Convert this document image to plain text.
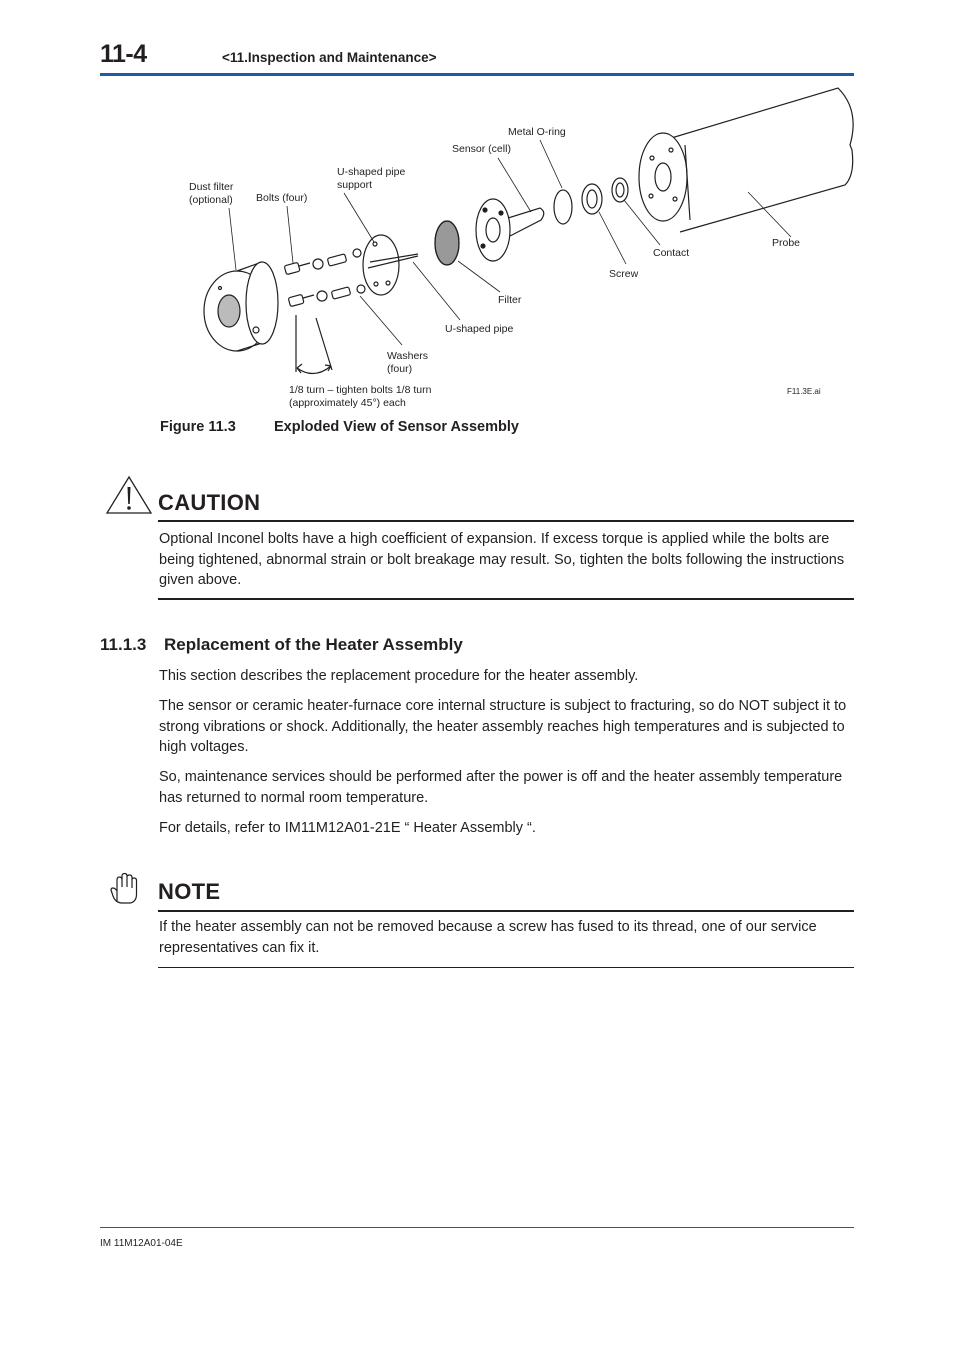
11-4	<11.Inspection and Maintenance>
Dust filter
(optional) Bolts (four)
U-shaped pipe
support
Sensor (cell)
Metal O-ring
Probe
Contact
Screw
Filter
U-shaped pipe
Washers
(four)
1/8 turn – tighten bolts 1/8 turn
(approximately 45°) each
F11.3E.ai
Figure 11.3	Exploded View of Sensor Assembly
CAUTION
Optional Inconel bolts have a high coefficient of expansion. If excess torque is applied while the bolts are being tightened, abnormal strain or bolt breakage may result. So, tighten the bolts following the instructions given above.
11.1.3 Replacement of the Heater Assembly
This section describes the replacement procedure for the heater assembly.
The sensor or ceramic heater-furnace core internal structure is subject to fracturing, so do NOT subject it to strong vibrations or shock. Additionally, the heater assembly reaches high temperatures and is subjected to high voltages.
So, maintenance services should be performed after the power is off and the heater assembly temperature has returned to normal room temperature.
For details, refer to IM11M12A01-21E “ Heater Assembly “.
NOTE
If the heater assembly can not be removed because a screw has fused to its thread, one of our service representatives can fix it.
IM 11M12A01-04E
